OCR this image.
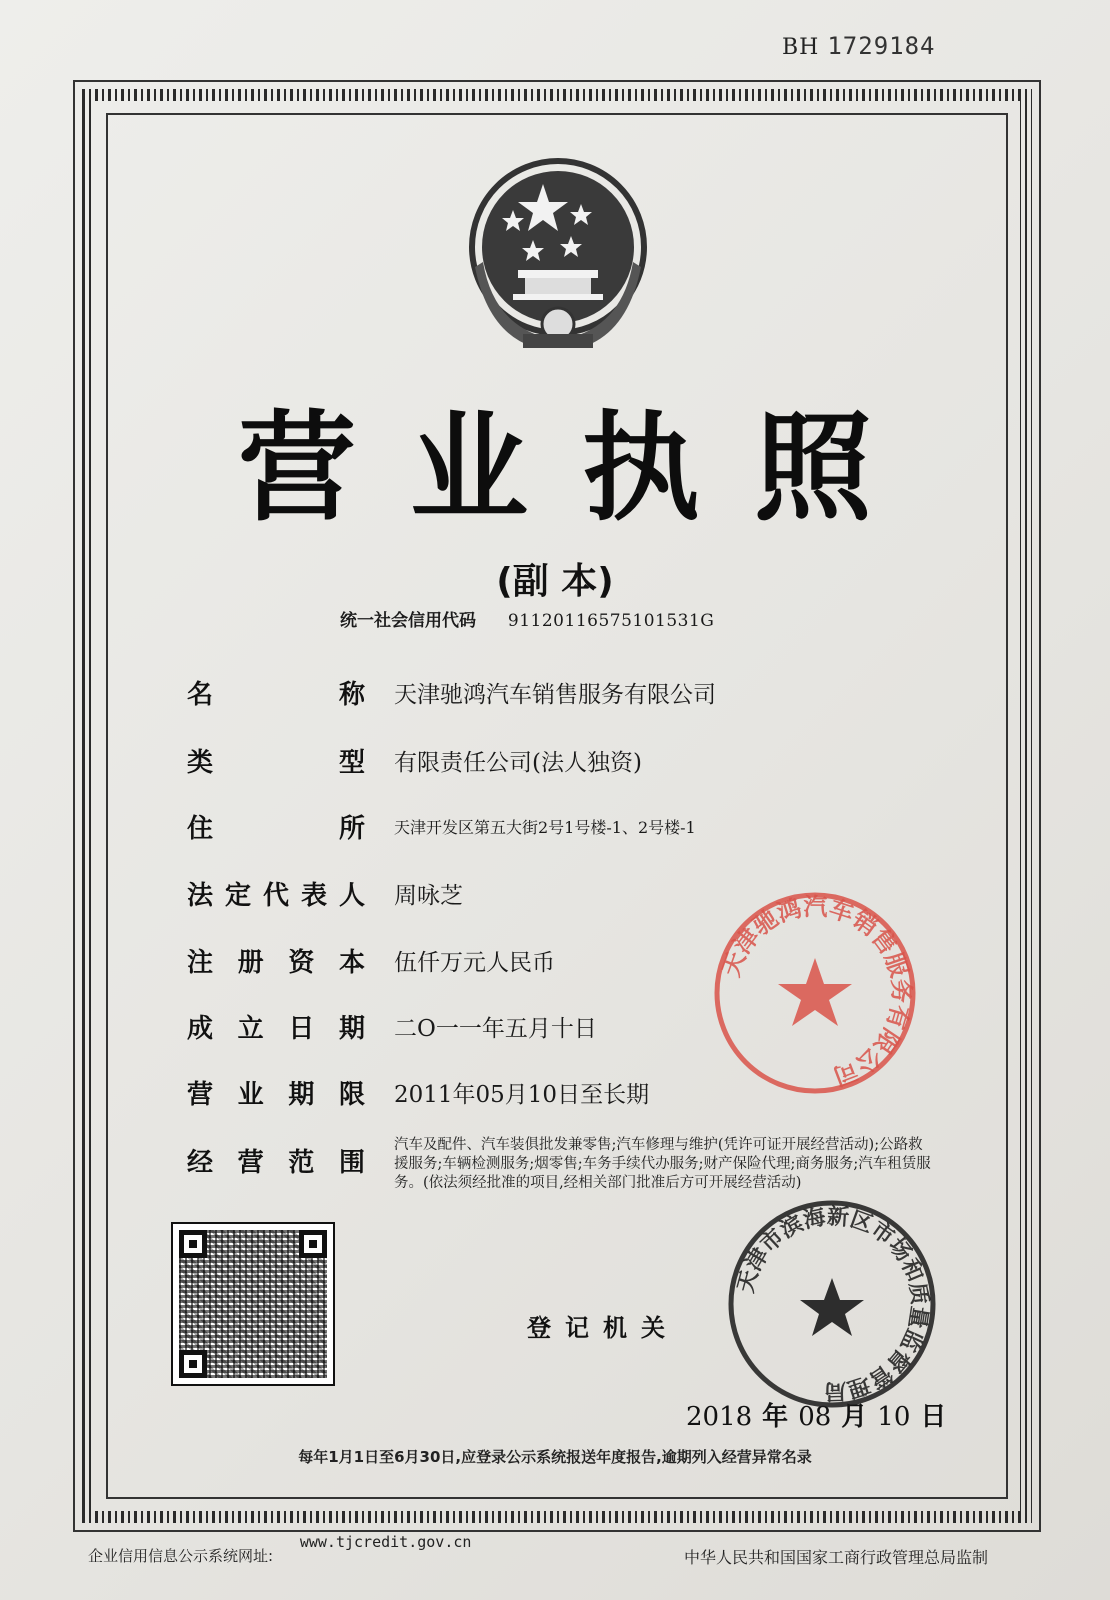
BH 1729184
营业执照
(副 本)
统一社会信用代码 91120116575101531G
名	称 天津驰鸿汽车销售服务有限公司
类	型 有限责任公司(法人独资)
住	所 天津开发区第五大街2号1号楼-1、2号楼-1
法 定 代 表 人 周咏芝
注 册 资 本 伍仟万元人民币
成 立 日 期 二O一一年五月十日
营 业 期 限 2011年05月10日至长期
经 营 范 围
汽车及配件、汽车装俱批发兼零售;汽车修理与维护(凭许可证开展经营活动);公路救援服务;车辆检测服务;烟零售;车务手续代办服务;财产保险代理;商务服务;汽车租赁服务。(依法须经批准的项目,经相关部门批准后方可开展经营活动)
登记机关
2018 年 08 月 10 日
天津驰鸿汽车销售服务有限公司
天津市滨海新区市场和质量监督管理局
每年1月1日至6月30日,应登录公示系统报送年度报告,逾期列入经营异常名录
企业信用信息公示系统网址: www.tjcredit.gov.cn
中华人民共和国国家工商行政管理总局监制
